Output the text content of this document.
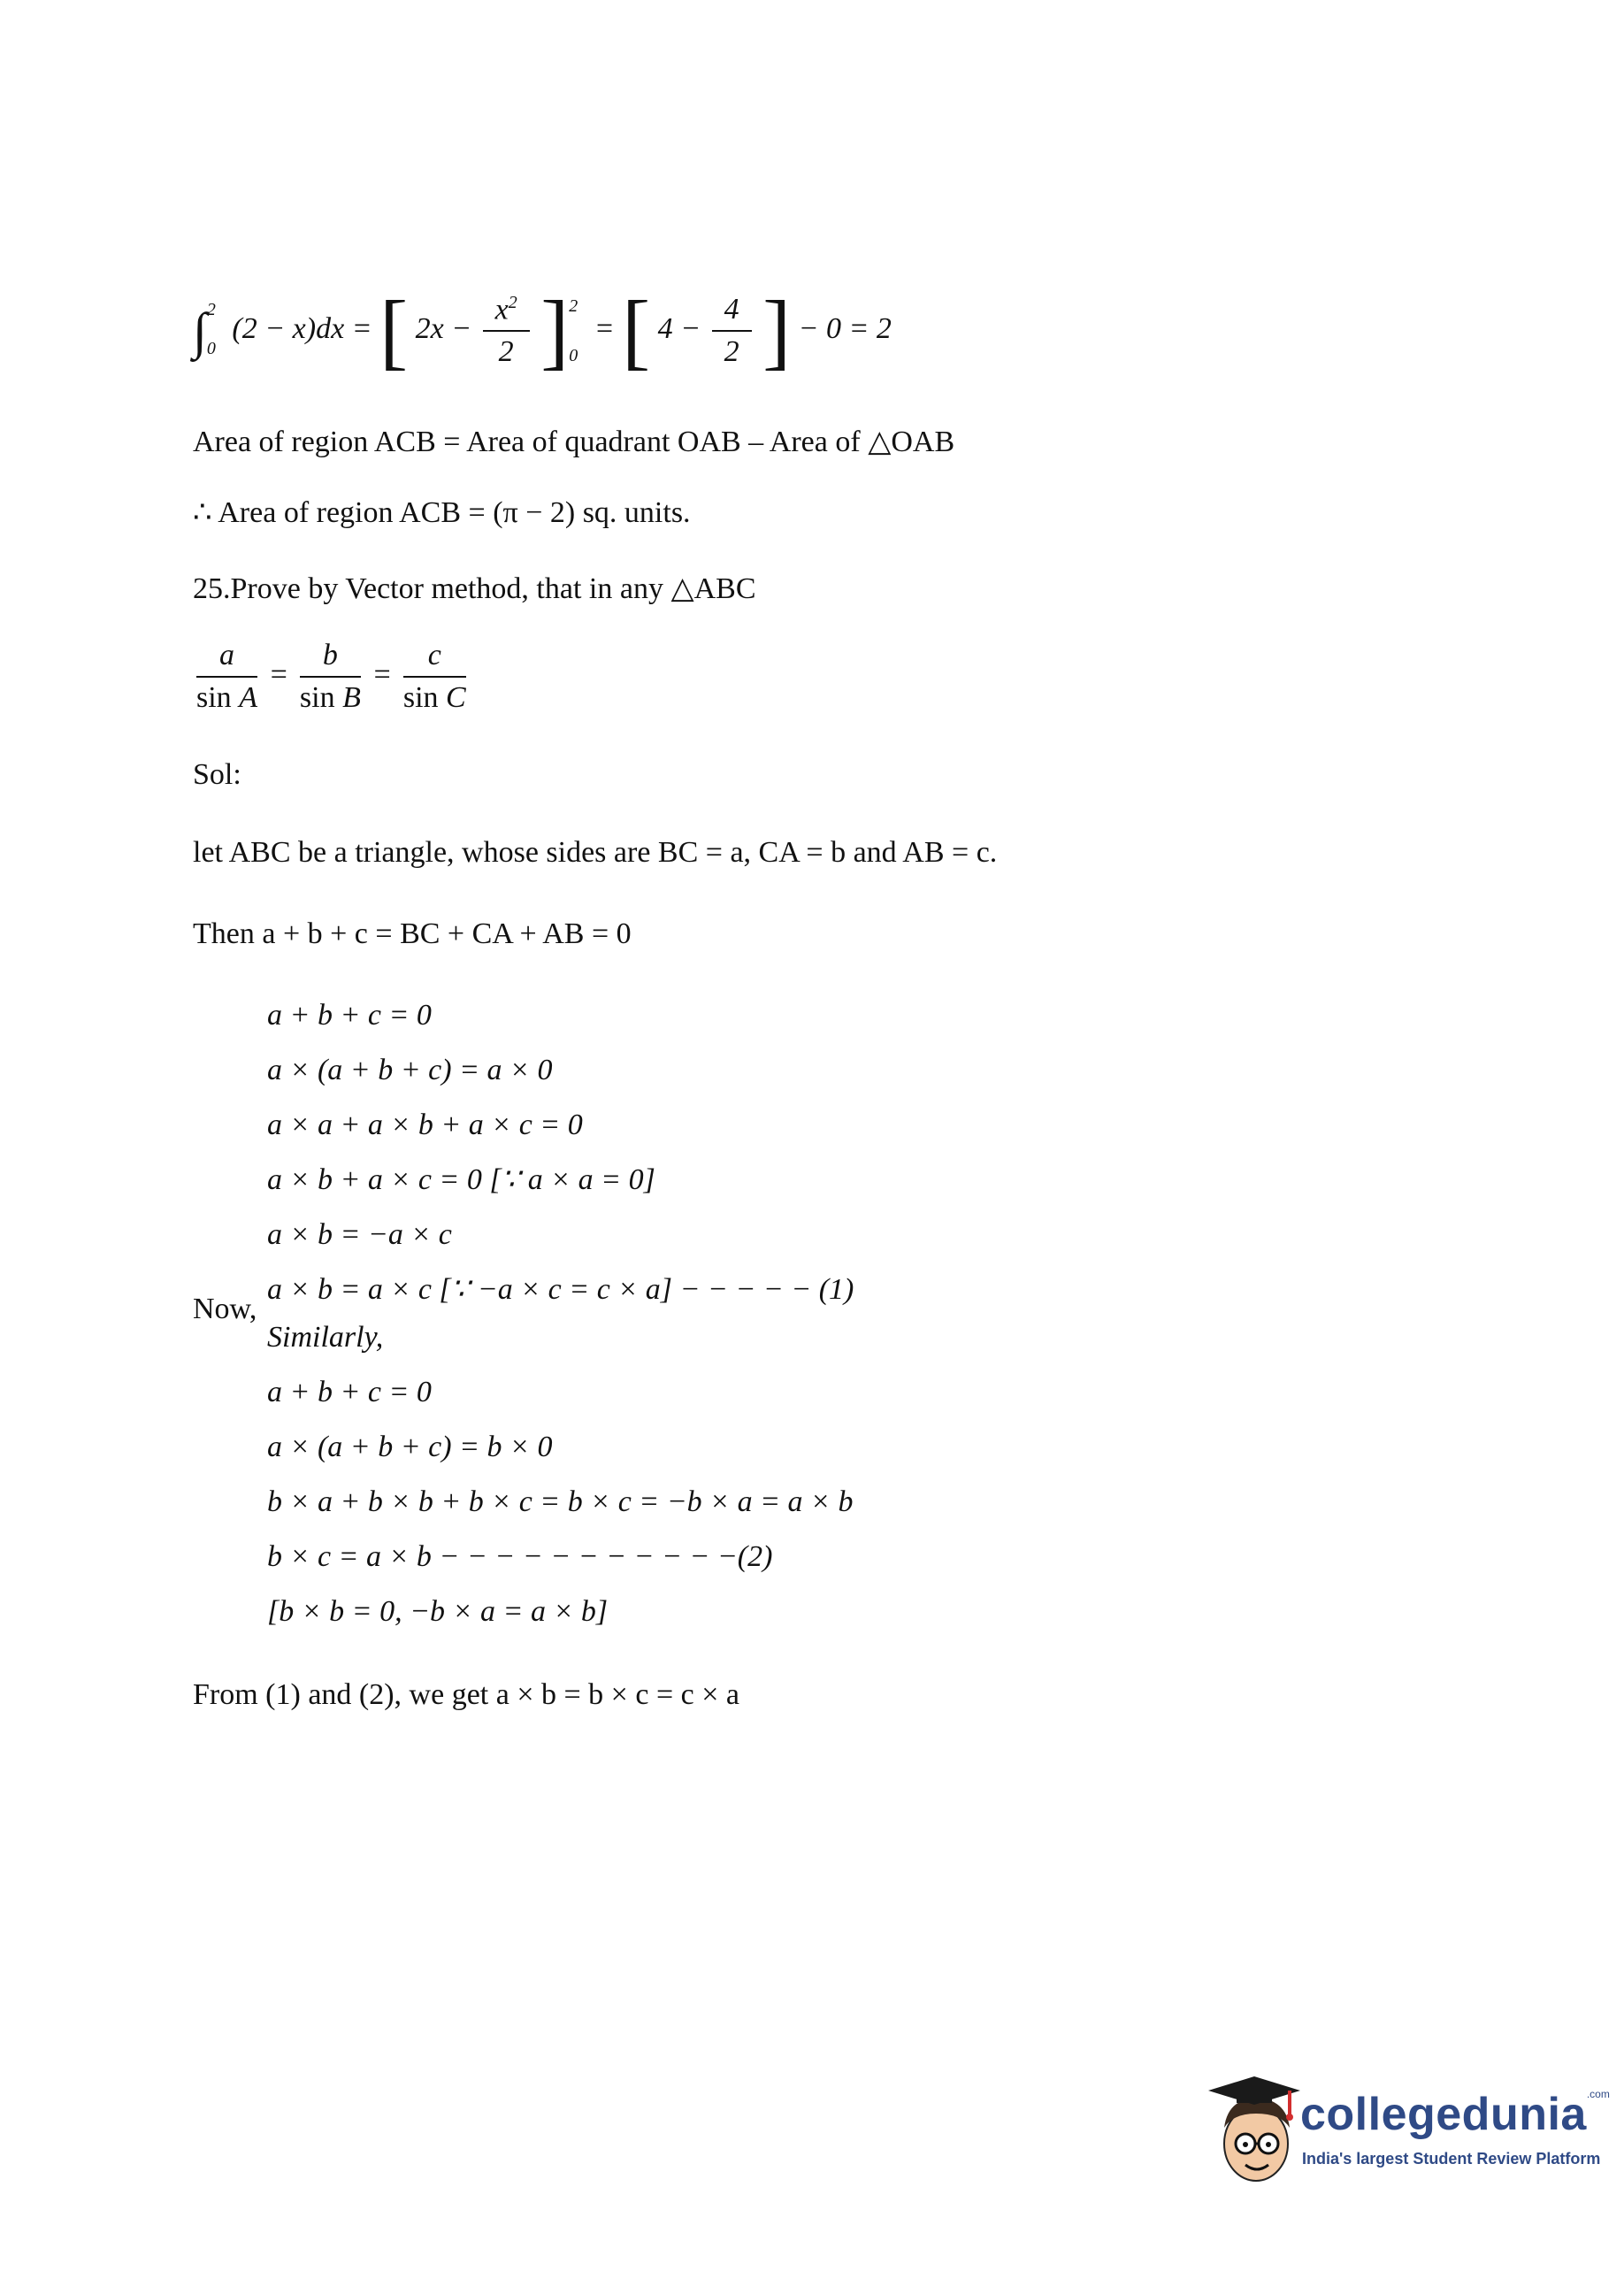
∫$^2_0$ (2 − x)dx = [ $2x - \frac{x^2}{2} ]^2_0$ = [ $4 - \frac{4}{2}$ ] − 0 = 2
Area of region ACB = Area of quadrant OAB – Area of △OAB
∴ Area of region ACB = (π − 2) sq. units.
25.Prove by Vector method, that in any △ABC
$\frac{a}{\text{sin A}} = \frac{b}{\text{sin B}} = \frac{c}{\text{sin C}}$
Sol:
let ABC be a triangle, whose sides are BC = a, CA = b and AB = c.
Then a + b + c = BC + CA + AB = 0
a + b + c = 0
a × (a + b + c) = a × 0
a × a + a × b + a × c = 0
a × b + a × c = 0 [∵ a × a = 0]
a × b = −a × c
a × b = a × c [∵ −a × c = c × a] − − − − − (1)
Now,
Similarly,
a + b + c = 0
a × (a + b + c) = b × 0
b × a + b × b + b × c = b × c = −b × a = a × b
b × c = a × b − − − − − − − − − − −(2)
[b × b = 0, −b × a = a × b]
From (1) and (2), we get a × b = b × c = c × a
collegedunia$^{.com}$
India's largest Student Review Platform
